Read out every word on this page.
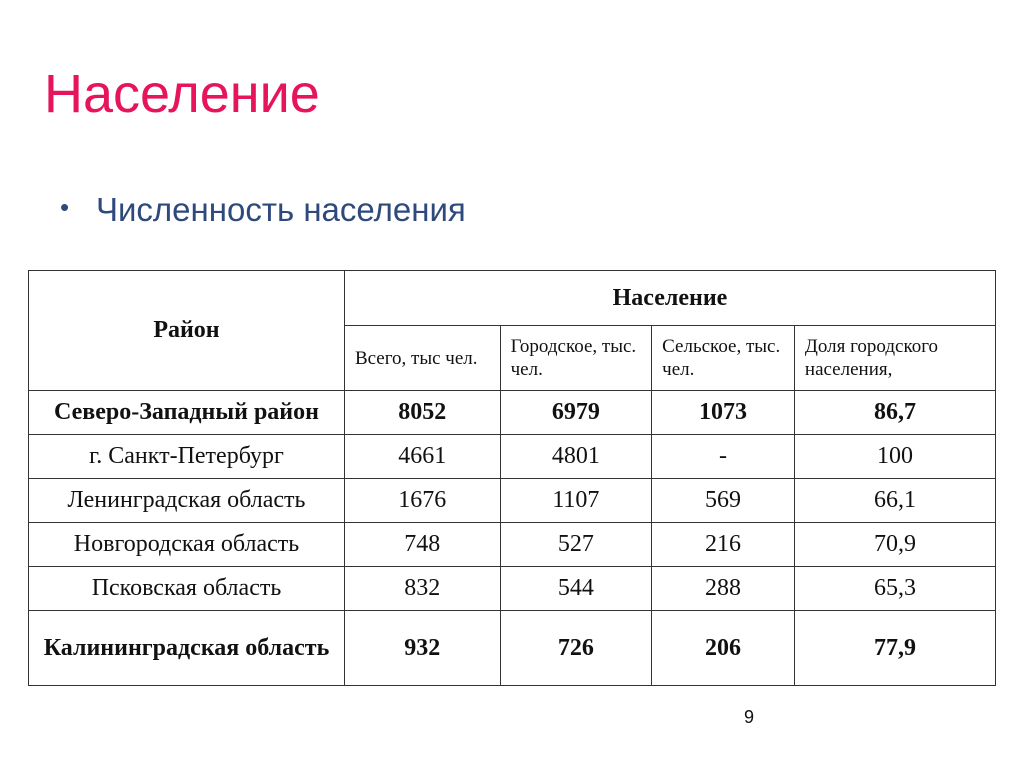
Население
• Численность населения
Район	Население			
	Всего, тыс чел.	Городское, тыс. чел.	Сельское, тыс. чел.	Доля городского населения,
Северо-Западный район	8052	6979	1073	86,7
г. Санкт-Петербург	4661	4801	-	100
Ленинградская область	1676	1107	569	66,1
Новгородская область	748	527	216	70,9
Псковская область	832	544	288	65,3
Калининградская область	932	726	206	77,9
9
